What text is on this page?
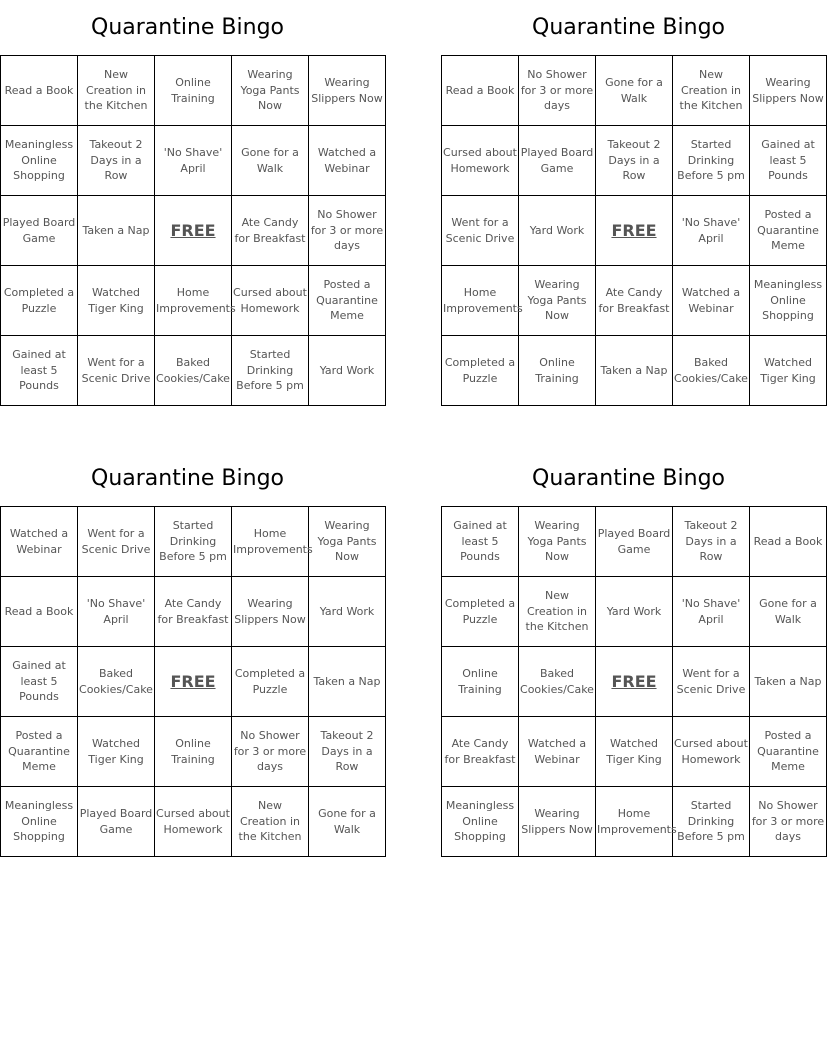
Quarantine Bingo
Read a Book	New Creation in the Kitchen	Online Training	Wearing Yoga Pants Now	Wearing Slippers Now
Meaningless Online Shopping	Takeout 2 Days in a Row	'No Shave' April	Gone for a Walk	Watched a Webinar
Played Board Game	Taken a Nap	FREE	Ate Candy for Breakfast	No Shower for 3 or more days
Completed a Puzzle	Watched Tiger King	Home Improvements	Cursed about Homework	Posted a Quarantine Meme
Gained at least 5 Pounds	Went for a Scenic Drive	Baked Cookies/Cake	Started Drinking Before 5 pm	Yard Work
Quarantine Bingo
Read a Book	No Shower for 3 or more days	Gone for a Walk	New Creation in the Kitchen	Wearing Slippers Now
Cursed about Homework	Played Board Game	Takeout 2 Days in a Row	Started Drinking Before 5 pm	Gained at least 5 Pounds
Went for a Scenic Drive	Yard Work	FREE	'No Shave' April	Posted a Quarantine Meme
Home Improvements	Wearing Yoga Pants Now	Ate Candy for Breakfast	Watched a Webinar	Meaningless Online Shopping
Completed a Puzzle	Online Training	Taken a Nap	Baked Cookies/Cake	Watched Tiger King
Quarantine Bingo
Watched a Webinar	Went for a Scenic Drive	Started Drinking Before 5 pm	Home Improvements	Wearing Yoga Pants Now
Read a Book	'No Shave' April	Ate Candy for Breakfast	Wearing Slippers Now	Yard Work
Gained at least 5 Pounds	Baked Cookies/Cake	FREE	Completed a Puzzle	Taken a Nap
Posted a Quarantine Meme	Watched Tiger King	Online Training	No Shower for 3 or more days	Takeout 2 Days in a Row
Meaningless Online Shopping	Played Board Game	Cursed about Homework	New Creation in the Kitchen	Gone for a Walk
Quarantine Bingo
Gained at least 5 Pounds	Wearing Yoga Pants Now	Played Board Game	Takeout 2 Days in a Row	Read a Book
Completed a Puzzle	New Creation in the Kitchen	Yard Work	'No Shave' April	Gone for a Walk
Online Training	Baked Cookies/Cake	FREE	Went for a Scenic Drive	Taken a Nap
Ate Candy for Breakfast	Watched a Webinar	Watched Tiger King	Cursed about Homework	Posted a Quarantine Meme
Meaningless Online Shopping	Wearing Slippers Now	Home Improvements	Started Drinking Before 5 pm	No Shower for 3 or more days
